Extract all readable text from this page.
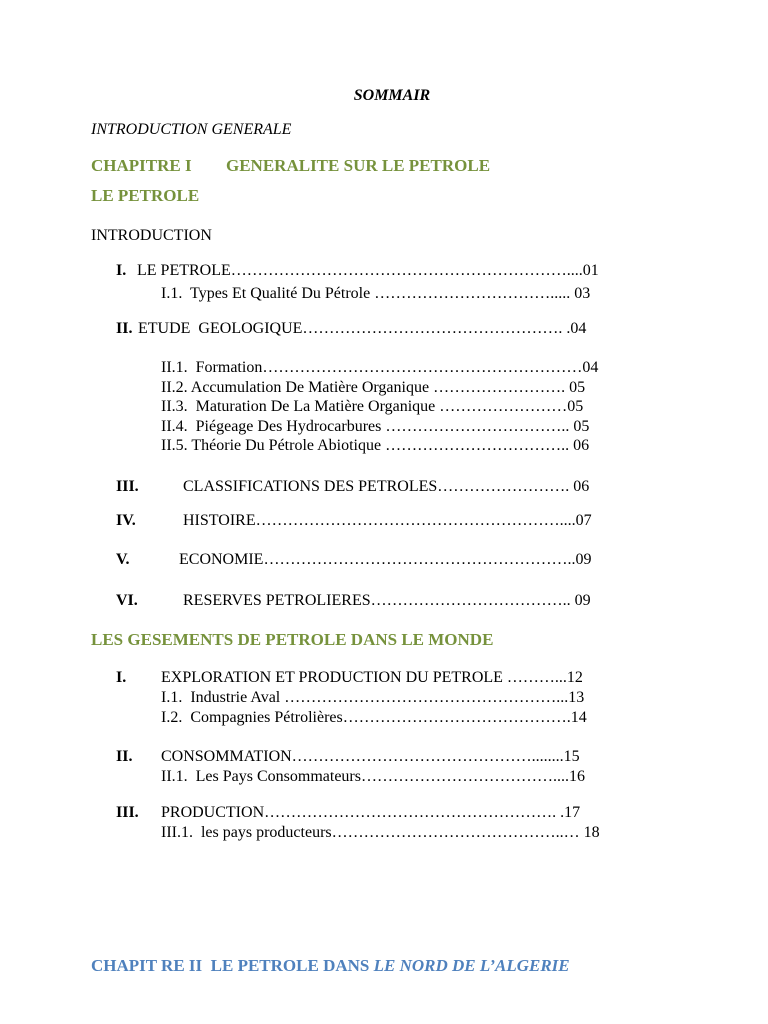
SOMMAIR
INTRODUCTION GENERALE
CHAPITRE I GENERALITE SUR LE PETROLE
LE PETROLE
INTRODUCTION
I. LE PETROLE………………………………………………………....01
I.1.  Types Et Qualité Du Pétrole ……………………………..... 03
II. ETUDE  GEOLOGIQUE…………………………………………. .04
II.1.  Formation……………………………………………………04
II.2. Accumulation De Matière Organique ……………………. 05
II.3.  Maturation De La Matière Organique ……………………05
II.4.  Piégeage Des Hydrocarbures …………………………….. 05
II.5. Théorie Du Pétrole Abiotique …………………………….. 06
III.	CLASSIFICATIONS DES PETROLES……………………. 06
IV.	HISTOIRE…………………………………………………....07
V.	ECONOMIE…………………………………………………..09
VI.	RESERVES PETROLIERES……………………………….. 09
LES GESEMENTS DE PETROLE DANS LE MONDE
I. EXPLORATION ET PRODUCTION DU PETROLE ………...12
I.1.  Industrie Aval ……………………………………………...13
I.2.  Compagnies Pétrolières…………………………………….14
II. CONSOMMATION………………………………………........15
II.1.  Les Pays Consommateurs………………………………....16
III. PRODUCTION………………………………………………. .17
III.1.  les pays producteurs……………………………………..… 18
CHAPIT RE II  LE PETROLE DANS LE NORD DE L’ALGERIE
